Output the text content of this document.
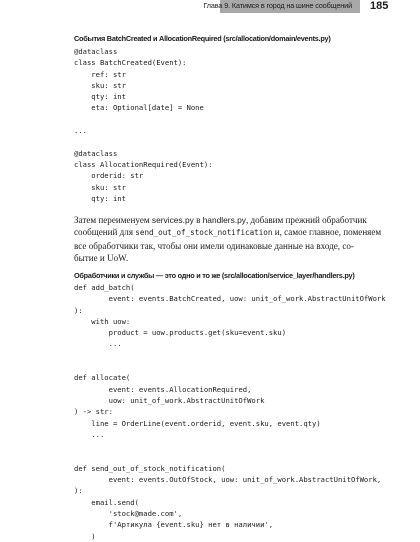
Глава 9. Катимся в город на шине сообщений 185
События BatchCreated и AllocationRequired (src/allocation/domain/events.py)
@dataclass
class BatchCreated(Event):
ref: str
sku: str
qty: int
eta: Optional[date] = None

...

@dataclass
class AllocationRequired(Event):
orderid: str
sku: str
qty: int
Затем переименуем services.py в handlers.py, добавим прежний обработчик
сообщений для send_out_of_stock_notification и, самое главное, поменяем
все обработчики так, чтобы они имели одинаковые данные на входе, со-
бытие и UoW.
Обработчики и службы — это одно и то же (src/allocation/service_layer/handlers.py)
def add_batch(
event: events.BatchCreated, uow: unit_of_work.AbstractUnitOfWork
):
with uow:
product = uow.products.get(sku=event.sku)
...

def allocate(
event: events.AllocationRequired,
uow: unit_of_work.AbstractUnitOfWork
) -> str:
line = OrderLine(event.orderid, event.sku, event.qty)
...

def send_out_of_stock_notification(
event: events.OutOfStock, uow: unit_of_work.AbstractUnitOfWork,
):
email.send(
'stock@made.com',
f'Артикула {event.sku} нет в наличии',
)
